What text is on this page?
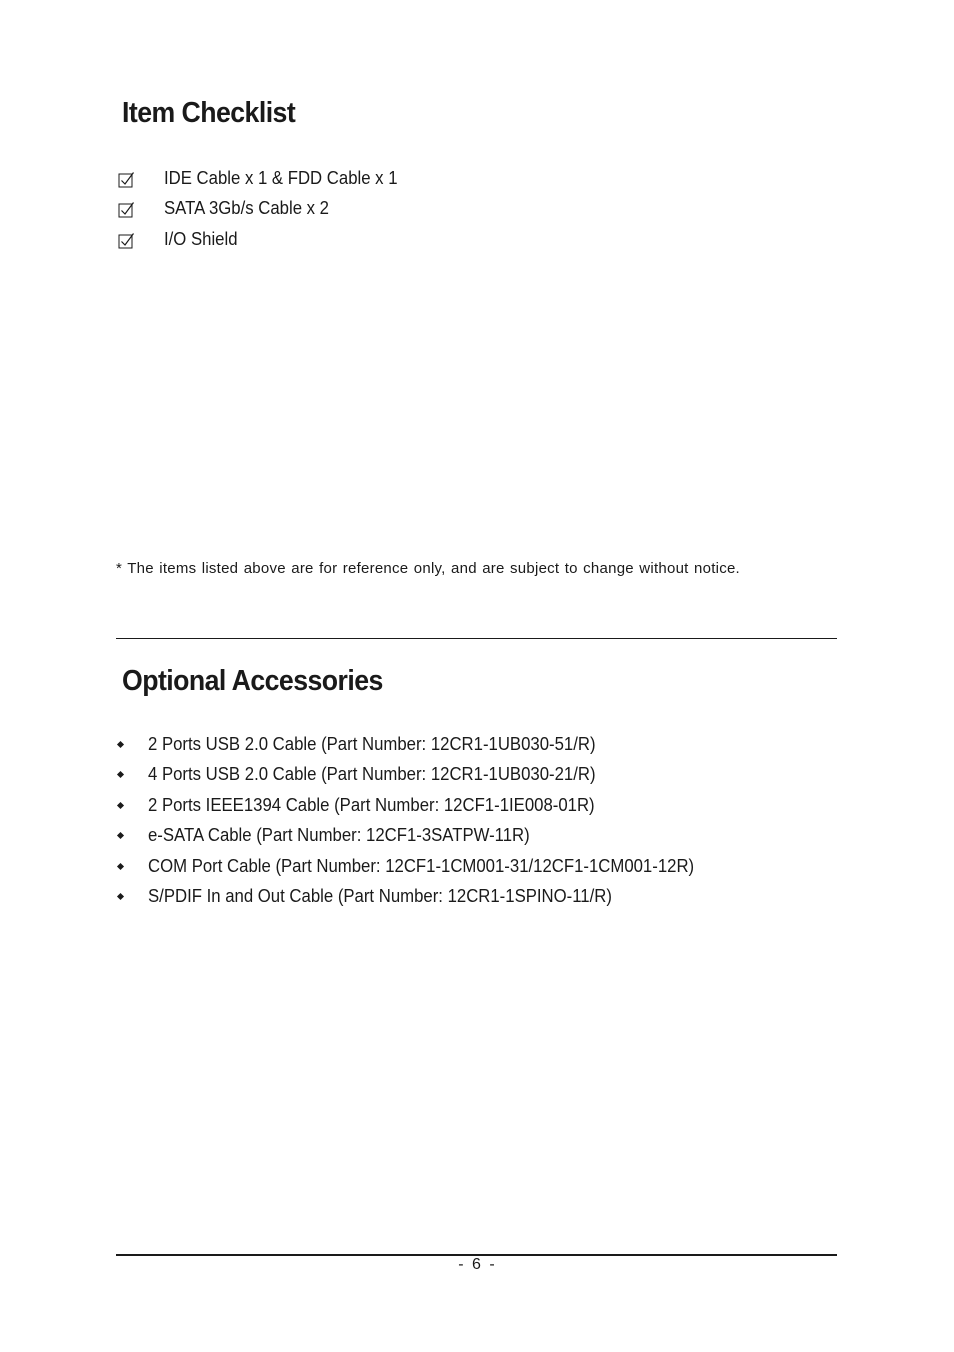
Item Checklist
IDE Cable x 1 & FDD Cable x 1
SATA 3Gb/s Cable x 2
I/O Shield
* The items listed above are for reference only, and are subject to change without notice.
Optional Accessories
2 Ports USB 2.0 Cable (Part Number: 12CR1-1UB030-51/R)
4 Ports USB 2.0 Cable (Part Number: 12CR1-1UB030-21/R)
2 Ports IEEE1394 Cable (Part Number: 12CF1-1IE008-01R)
e-SATA Cable (Part Number: 12CF1-3SATPW-11R)
COM Port Cable (Part Number: 12CF1-1CM001-31/12CF1-1CM001-12R)
S/PDIF In and Out Cable (Part Number: 12CR1-1SPINO-11/R)
- 6 -
